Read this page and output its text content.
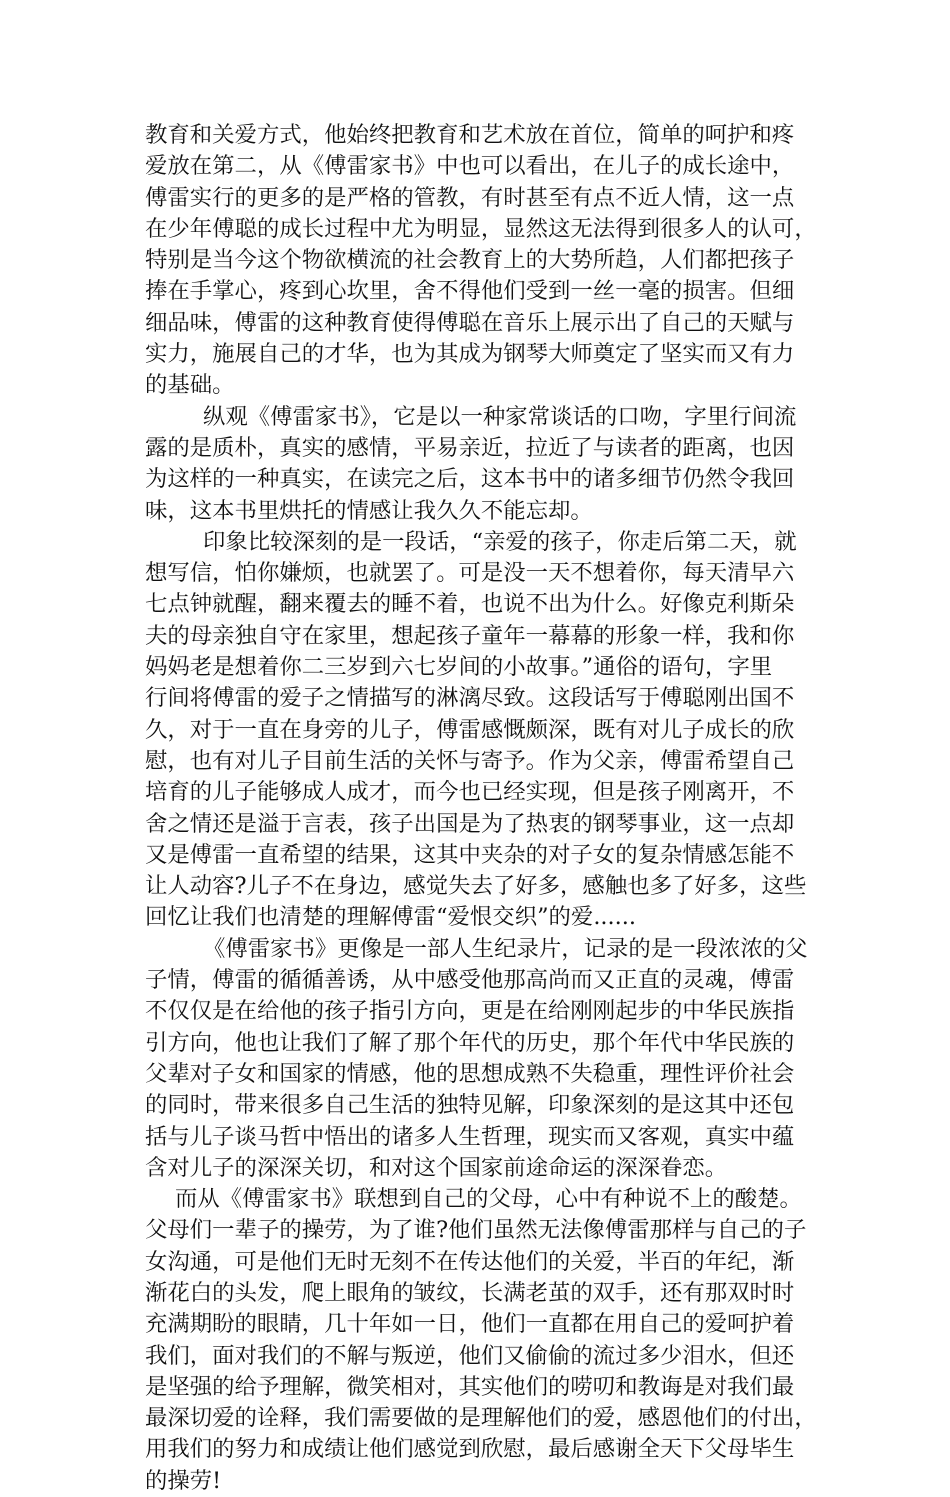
教育和关爱方式，他始终把教育和艺术放在首位，简单的呵护和疼
爱放在第二，从《傅雷家书》中也可以看出，在儿子的成长途中，
傅雷实行的更多的是严格的管教，有时甚至有点不近人情，这一点
在少年傅聪的成长过程中尤为明显，显然这无法得到很多人的认可，
特别是当今这个物欲横流的社会教育上的大势所趋，人们都把孩子
捧在手掌心，疼到心坎里，舍不得他们受到一丝一毫的损害。但细
细品味，傅雷的这种教育使得傅聪在音乐上展示出了自己的天赋与
实力，施展自己的才华，也为其成为钢琴大师奠定了坚实而又有力
的基础。
纵观《傅雷家书》，它是以一种家常谈话的口吻，字里行间流
露的是质朴，真实的感情，平易亲近，拉近了与读者的距离，也因
为这样的一种真实，在读完之后，这本书中的诸多细节仍然令我回
味，这本书里烘托的情感让我久久不能忘却。
印象比较深刻的是一段话，“亲爱的孩子，你走后第二天，就
想写信，怕你嫌烦，也就罢了。可是没一天不想着你，每天清早六
七点钟就醒，翻来覆去的睡不着，也说不出为什么。好像克利斯朵
夫的母亲独自守在家里，想起孩子童年一幕幕的形象一样，我和你
妈妈老是想着你二三岁到六七岁间的小故事。”通俗的语句，字里
行间将傅雷的爱子之情描写的淋漓尽致。这段话写于傅聪刚出国不
久，对于一直在身旁的儿子，傅雷感慨颇深，既有对儿子成长的欣
慰，也有对儿子目前生活的关怀与寄予。作为父亲，傅雷希望自己
培育的儿子能够成人成才，而今也已经实现，但是孩子刚离开，不
舍之情还是溢于言表，孩子出国是为了热衷的钢琴事业，这一点却
又是傅雷一直希望的结果，这其中夹杂的对子女的复杂情感怎能不
让人动容?儿子不在身边，感觉失去了好多，感触也多了好多，这些
回忆让我们也清楚的理解傅雷“爱恨交织”的爱......
《傅雷家书》更像是一部人生纪录片，记录的是一段浓浓的父
子情，傅雷的循循善诱，从中感受他那高尚而又正直的灵魂，傅雷
不仅仅是在给他的孩子指引方向，更是在给刚刚起步的中华民族指
引方向，他也让我们了解了那个年代的历史，那个年代中华民族的
父辈对子女和国家的情感，他的思想成熟不失稳重，理性评价社会
的同时，带来很多自己生活的独特见解，印象深刻的是这其中还包
括与儿子谈马哲中悟出的诸多人生哲理，现实而又客观，真实中蕴
含对儿子的深深关切，和对这个国家前途命运的深深眷恋。
而从《傅雷家书》联想到自己的父母，心中有种说不上的酸楚。
父母们一辈子的操劳，为了谁?他们虽然无法像傅雷那样与自己的子
女沟通，可是他们无时无刻不在传达他们的关爱，半百的年纪，渐
渐花白的头发，爬上眼角的皱纹，长满老茧的双手，还有那双时时
充满期盼的眼睛，几十年如一日，他们一直都在用自己的爱呵护着
我们，面对我们的不解与叛逆，他们又偷偷的流过多少泪水，但还
是坚强的给予理解，微笑相对，其实他们的唠叨和教诲是对我们最
最深切爱的诠释，我们需要做的是理解他们的爱，感恩他们的付出，
用我们的努力和成绩让他们感觉到欣慰，最后感谢全天下父母毕生
的操劳!
